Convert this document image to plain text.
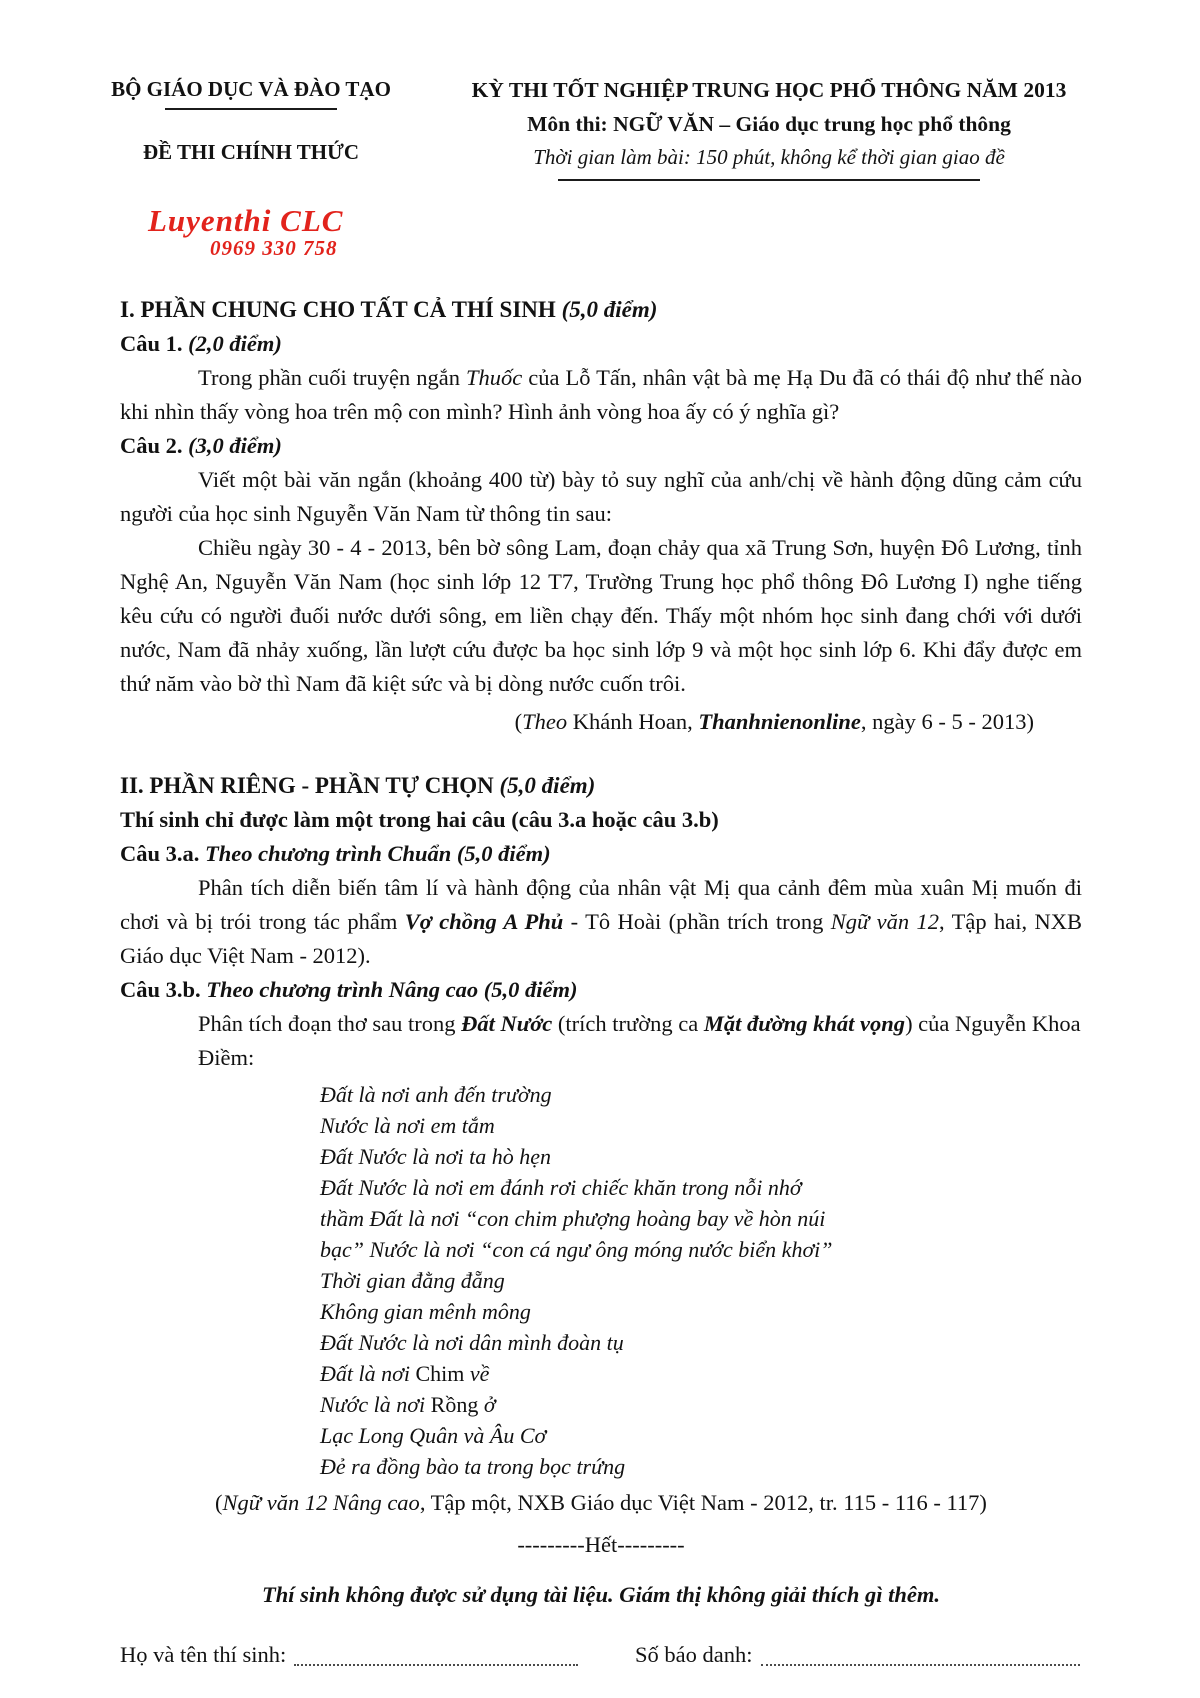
BỘ GIÁO DỤC VÀ ĐÀO TẠO
ĐỀ THI CHÍNH THỨC
KỲ THI TỐT NGHIỆP TRUNG HỌC PHỔ THÔNG NĂM 2013
Môn thi: NGỮ VĂN – Giáo dục trung học phổ thông
Thời gian làm bài: 150 phút, không kể thời gian giao đề
Luyenthi CLC
0969 330 758
I. PHẦN CHUNG CHO TẤT CẢ THÍ SINH (5,0 điểm)
Câu 1. (2,0 điểm)
Trong phần cuối truyện ngắn Thuốc của Lỗ Tấn, nhân vật bà mẹ Hạ Du đã có thái độ như thế nào khi nhìn thấy vòng hoa trên mộ con mình? Hình ảnh vòng hoa ấy có ý nghĩa gì?
Câu 2. (3,0 điểm)
Viết một bài văn ngắn (khoảng 400 từ) bày tỏ suy nghĩ của anh/chị về hành động dũng cảm cứu người của học sinh Nguyễn Văn Nam từ thông tin sau:
Chiều ngày 30 - 4 - 2013, bên bờ sông Lam, đoạn chảy qua xã Trung Sơn, huyện Đô Lương, tỉnh Nghệ An, Nguyễn Văn Nam (học sinh lớp 12 T7, Trường Trung học phổ thông Đô Lương I) nghe tiếng kêu cứu có người đuối nước dưới sông, em liền chạy đến. Thấy một nhóm học sinh đang chới với dưới nước, Nam đã nhảy xuống, lần lượt cứu được ba học sinh lớp 9 và một học sinh lớp 6. Khi đẩy được em thứ năm vào bờ thì Nam đã kiệt sức và bị dòng nước cuốn trôi.
(Theo Khánh Hoan, Thanhnienonline, ngày 6 - 5 - 2013)
II. PHẦN RIÊNG - PHẦN TỰ CHỌN (5,0 điểm)
Thí sinh chỉ được làm một trong hai câu (câu 3.a hoặc câu 3.b)
Câu 3.a. Theo chương trình Chuẩn (5,0 điểm)
Phân tích diễn biến tâm lí và hành động của nhân vật Mị qua cảnh đêm mùa xuân Mị muốn đi chơi và bị trói trong tác phẩm Vợ chồng A Phủ - Tô Hoài (phần trích trong Ngữ văn 12, Tập hai, NXB Giáo dục Việt Nam - 2012).
Câu 3.b. Theo chương trình Nâng cao (5,0 điểm)
Phân tích đoạn thơ sau trong Đất Nước (trích trường ca Mặt đường khát vọng) của Nguyễn Khoa Điềm:
Đất là nơi anh đến trường
Nước là nơi em tắm
Đất Nước là nơi ta hò hẹn
Đất Nước là nơi em đánh rơi chiếc khăn trong nỗi nhớ
thầm Đất là nơi “con chim phượng hoàng bay về hòn núi
bạc” Nước là nơi “con cá ngư ông móng nước biển khơi”
Thời gian đằng đẵng
Không gian mênh mông
Đất Nước là nơi dân mình đoàn tụ
Đất là nơi Chim về
Nước là nơi Rồng ở
Lạc Long Quân và Âu Cơ
Đẻ ra đồng bào ta trong bọc trứng
(Ngữ văn 12 Nâng cao, Tập một, NXB Giáo dục Việt Nam - 2012, tr. 115 - 116 - 117)
---------Hết---------
Thí sinh không được sử dụng tài liệu. Giám thị không giải thích gì thêm.
Họ và tên thí sinh:	Số báo danh:
